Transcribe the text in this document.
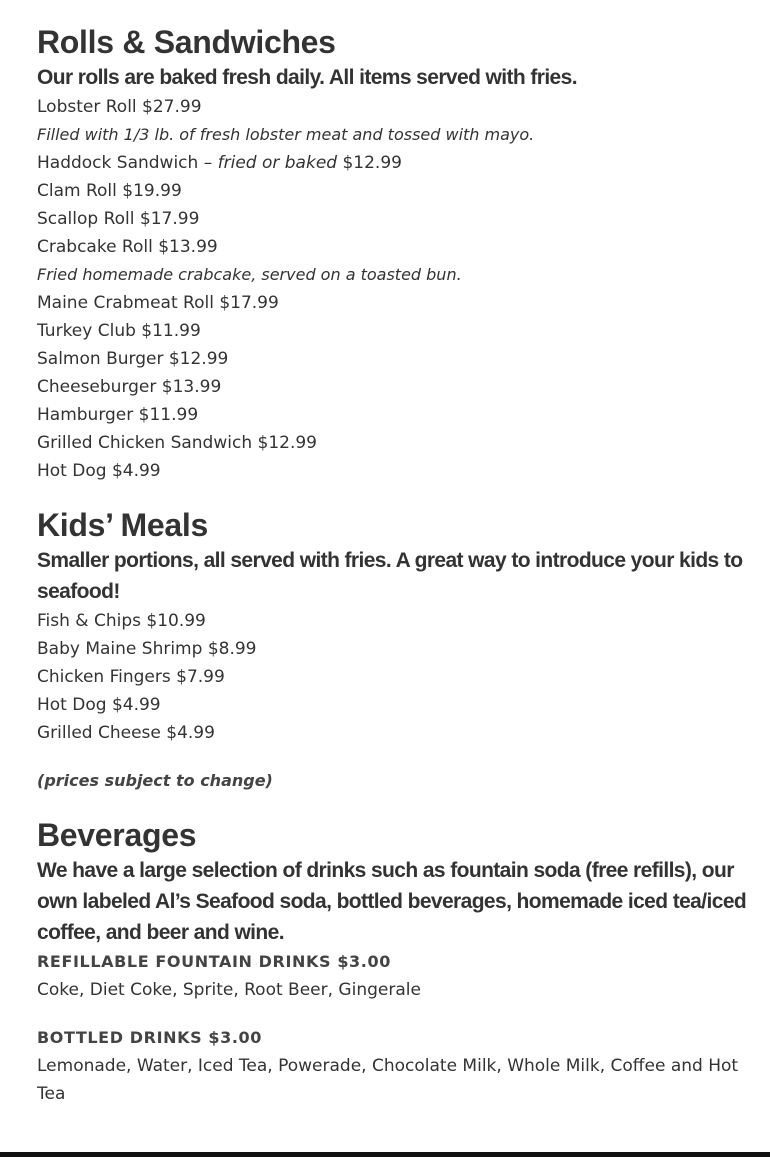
Rolls & Sandwiches

Our rolls are baked fresh daily. All items served with fries.

Lobster Roll $27.99

Filled with 1/3 lb. of fresh lobster meat and tossed with mayo.

Haddock Sandwich – fried or baked $12.99

Clam Roll $19.99

Scallop Roll $17.99

Crabcake Roll $13.99

Fried homemade crabcake, served on a toasted bun.

Maine Crabmeat Roll $17.99

Turkey Club $11.99

Salmon Burger $12.99

Cheeseburger $13.99

Hamburger $11.99

Grilled Chicken Sandwich $12.99

Hot Dog $4.99

Kids’ Meals

Smaller portions, all served with fries. A great way to introduce your kids to seafood!

Fish & Chips $10.99

Baby Maine Shrimp $8.99

Chicken Fingers $7.99

Hot Dog $4.99

Grilled Cheese $4.99

(prices subject to change)

Beverages

We have a large selection of drinks such as fountain soda (free refills), our own labeled Al’s Seafood soda, bottled beverages, homemade iced tea/iced coffee, and beer and wine.

REFILLABLE FOUNTAIN DRINKS $3.00

Coke, Diet Coke, Sprite, Root Beer, Gingerale

BOTTLED DRINKS $3.00

Lemonade, Water, Iced Tea, Powerade, Chocolate Milk, Whole Milk, Coffee and Hot Tea
